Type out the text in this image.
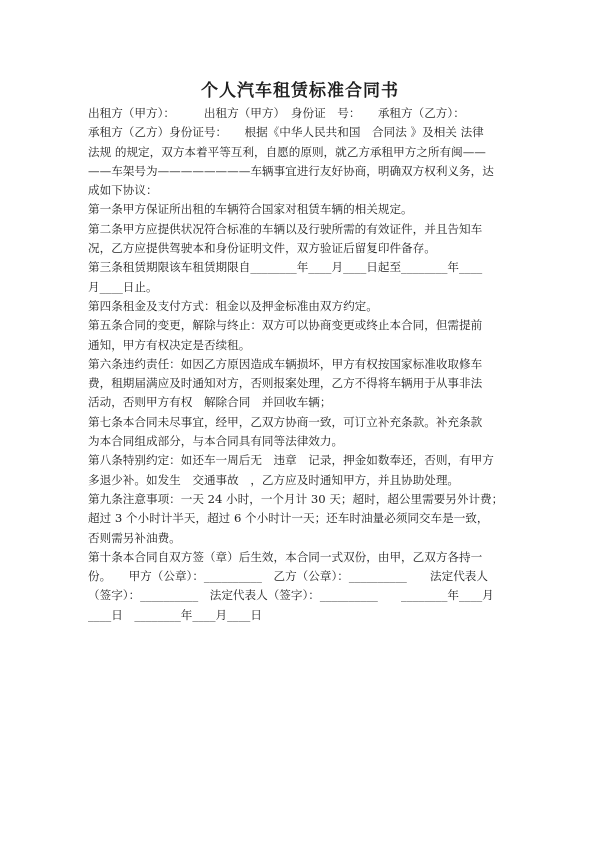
个人汽车租赁标准合同书
出租方（甲方）：　　　出租方（甲方）　身份证　号：　　承租方（乙方）：
承租方（乙方）身份证号：　　根据《中华人民共和国　合同法 》及相关 法律
法规 的规定，双方本着平等互利，自愿的原则，就乙方承租甲方之所有闽——
——车架号为————————车辆事宜进行友好协商，明确双方权利义务，达
成如下协议：
第一条甲方保证所出租的车辆符合国家对租赁车辆的相关规定。
第二条甲方应提供状况符合标准的车辆以及行驶所需的有效证件，并且告知车
况，乙方应提供驾驶本和身份证明文件，双方验证后留复印件备存。
第三条租赁期限该车租赁期限自________年____月____日起至________年____
月____日止。
第四条租金及支付方式：租金以及押金标准由双方约定。
第五条合同的变更，解除与终止：双方可以协商变更或终止本合同，但需提前
通知，甲方有权决定是否续租。
第六条违约责任：如因乙方原因造成车辆损坏，甲方有权按国家标准收取修车
费，租期届满应及时通知对方，否则报案处理，乙方不得将车辆用于从事非法
活动，否则甲方有权　解除合同　并回收车辆；
第七条本合同未尽事宜，经甲，乙双方协商一致，可订立补充条款。补充条款
为本合同组成部分，与本合同具有同等法律效力。
第八条特别约定：如还车一周后无　违章　记录，押金如数奉还，否则，有甲方
多退少补。如发生　交通事故　，乙方应及时通知甲方，并且协助处理。
第九条注意事项：一天 24 小时，一个月计 30 天；超时，超公里需要另外计费；
超过 3 个小时计半天，超过 6 个小时计一天；还车时油量必须同交车是一致，
否则需另补油费。
第十条本合同自双方签（章）后生效，本合同一式双份，由甲，乙双方各持一
份。　　甲方（公章）：__________　乙方（公章）：__________　　法定代表人
（签字）：__________　法定代表人（签字）：__________　　________年____月
____日　________年____月____日
